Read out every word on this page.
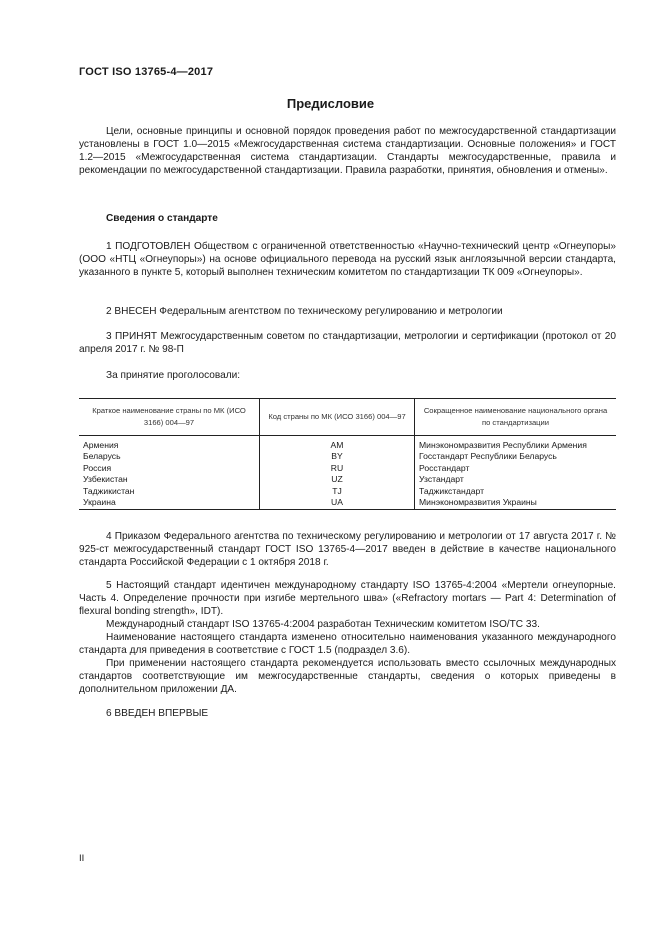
ГОСТ ISO 13765-4—2017
Предисловие

Цели, основные принципы и основной порядок проведения работ по межгосударственной стандартизации установлены в ГОСТ 1.0—2015 «Межгосударственная система стандартизации. Основные положения» и ГОСТ 1.2—2015 «Межгосударственная система стандартизации. Стандарты межгосударственные, правила и рекомендации по межгосударственной стандартизации. Правила разработки, принятия, обновления и отмены».

Сведения о стандарте

1 ПОДГОТОВЛЕН Обществом с ограниченной ответственностью «Научно-технический центр «Огнеупоры» (ООО «НТЦ «Огнеупоры») на основе официального перевода на русский язык англоязычной версии стандарта, указанного в пункте 5, который выполнен техническим комитетом по стандартизации ТК 009 «Огнеупоры».

2 ВНЕСЕН Федеральным агентством по техническому регулированию и метрологии

3 ПРИНЯТ Межгосударственным советом по стандартизации, метрологии и сертификации (протокол от 20 апреля 2017 г. № 98-П

За принятие проголосовали:
Краткое наименование страны по МК (ИСО 3166) 004—97	Код страны по МК (ИСО 3166) 004—97	Сокращенное наименование национального органа по стандартизации
Армения	AM	Минэкономразвития Республики Армения
Беларусь	BY	Госстандарт Республики Беларусь
Россия	RU	Росстандарт
Узбекистан	UZ	Узстандарт
Таджикистан	TJ	Таджикстандарт
Украина	UA	Минэкономразвития Украины

4 Приказом Федерального агентства по техническому регулированию и метрологии от 17 августа 2017 г. № 925-ст межгосударственный стандарт ГОСТ ISO 13765-4—2017 введен в действие в качестве национального стандарта Российской Федерации с 1 октября 2018 г.

5 Настоящий стандарт идентичен международному стандарту ISO 13765-4:2004 «Мертели огнеупорные. Часть 4. Определение прочности при изгибе мертельного шва» («Refractory mortars — Part 4: Determination of flexural bonding strength», IDT).

Международный стандарт ISO 13765-4:2004 разработан Техническим комитетом ISO/TC 33.

Наименование настоящего стандарта изменено относительно наименования указанного международного стандарта для приведения в соответствие с ГОСТ 1.5 (подраздел 3.6).

При применении настоящего стандарта рекомендуется использовать вместо ссылочных международных стандартов соответствующие им межгосударственные стандарты, сведения о которых приведены в дополнительном приложении ДА.

6 ВВЕДЕН ВПЕРВЫЕ
II
